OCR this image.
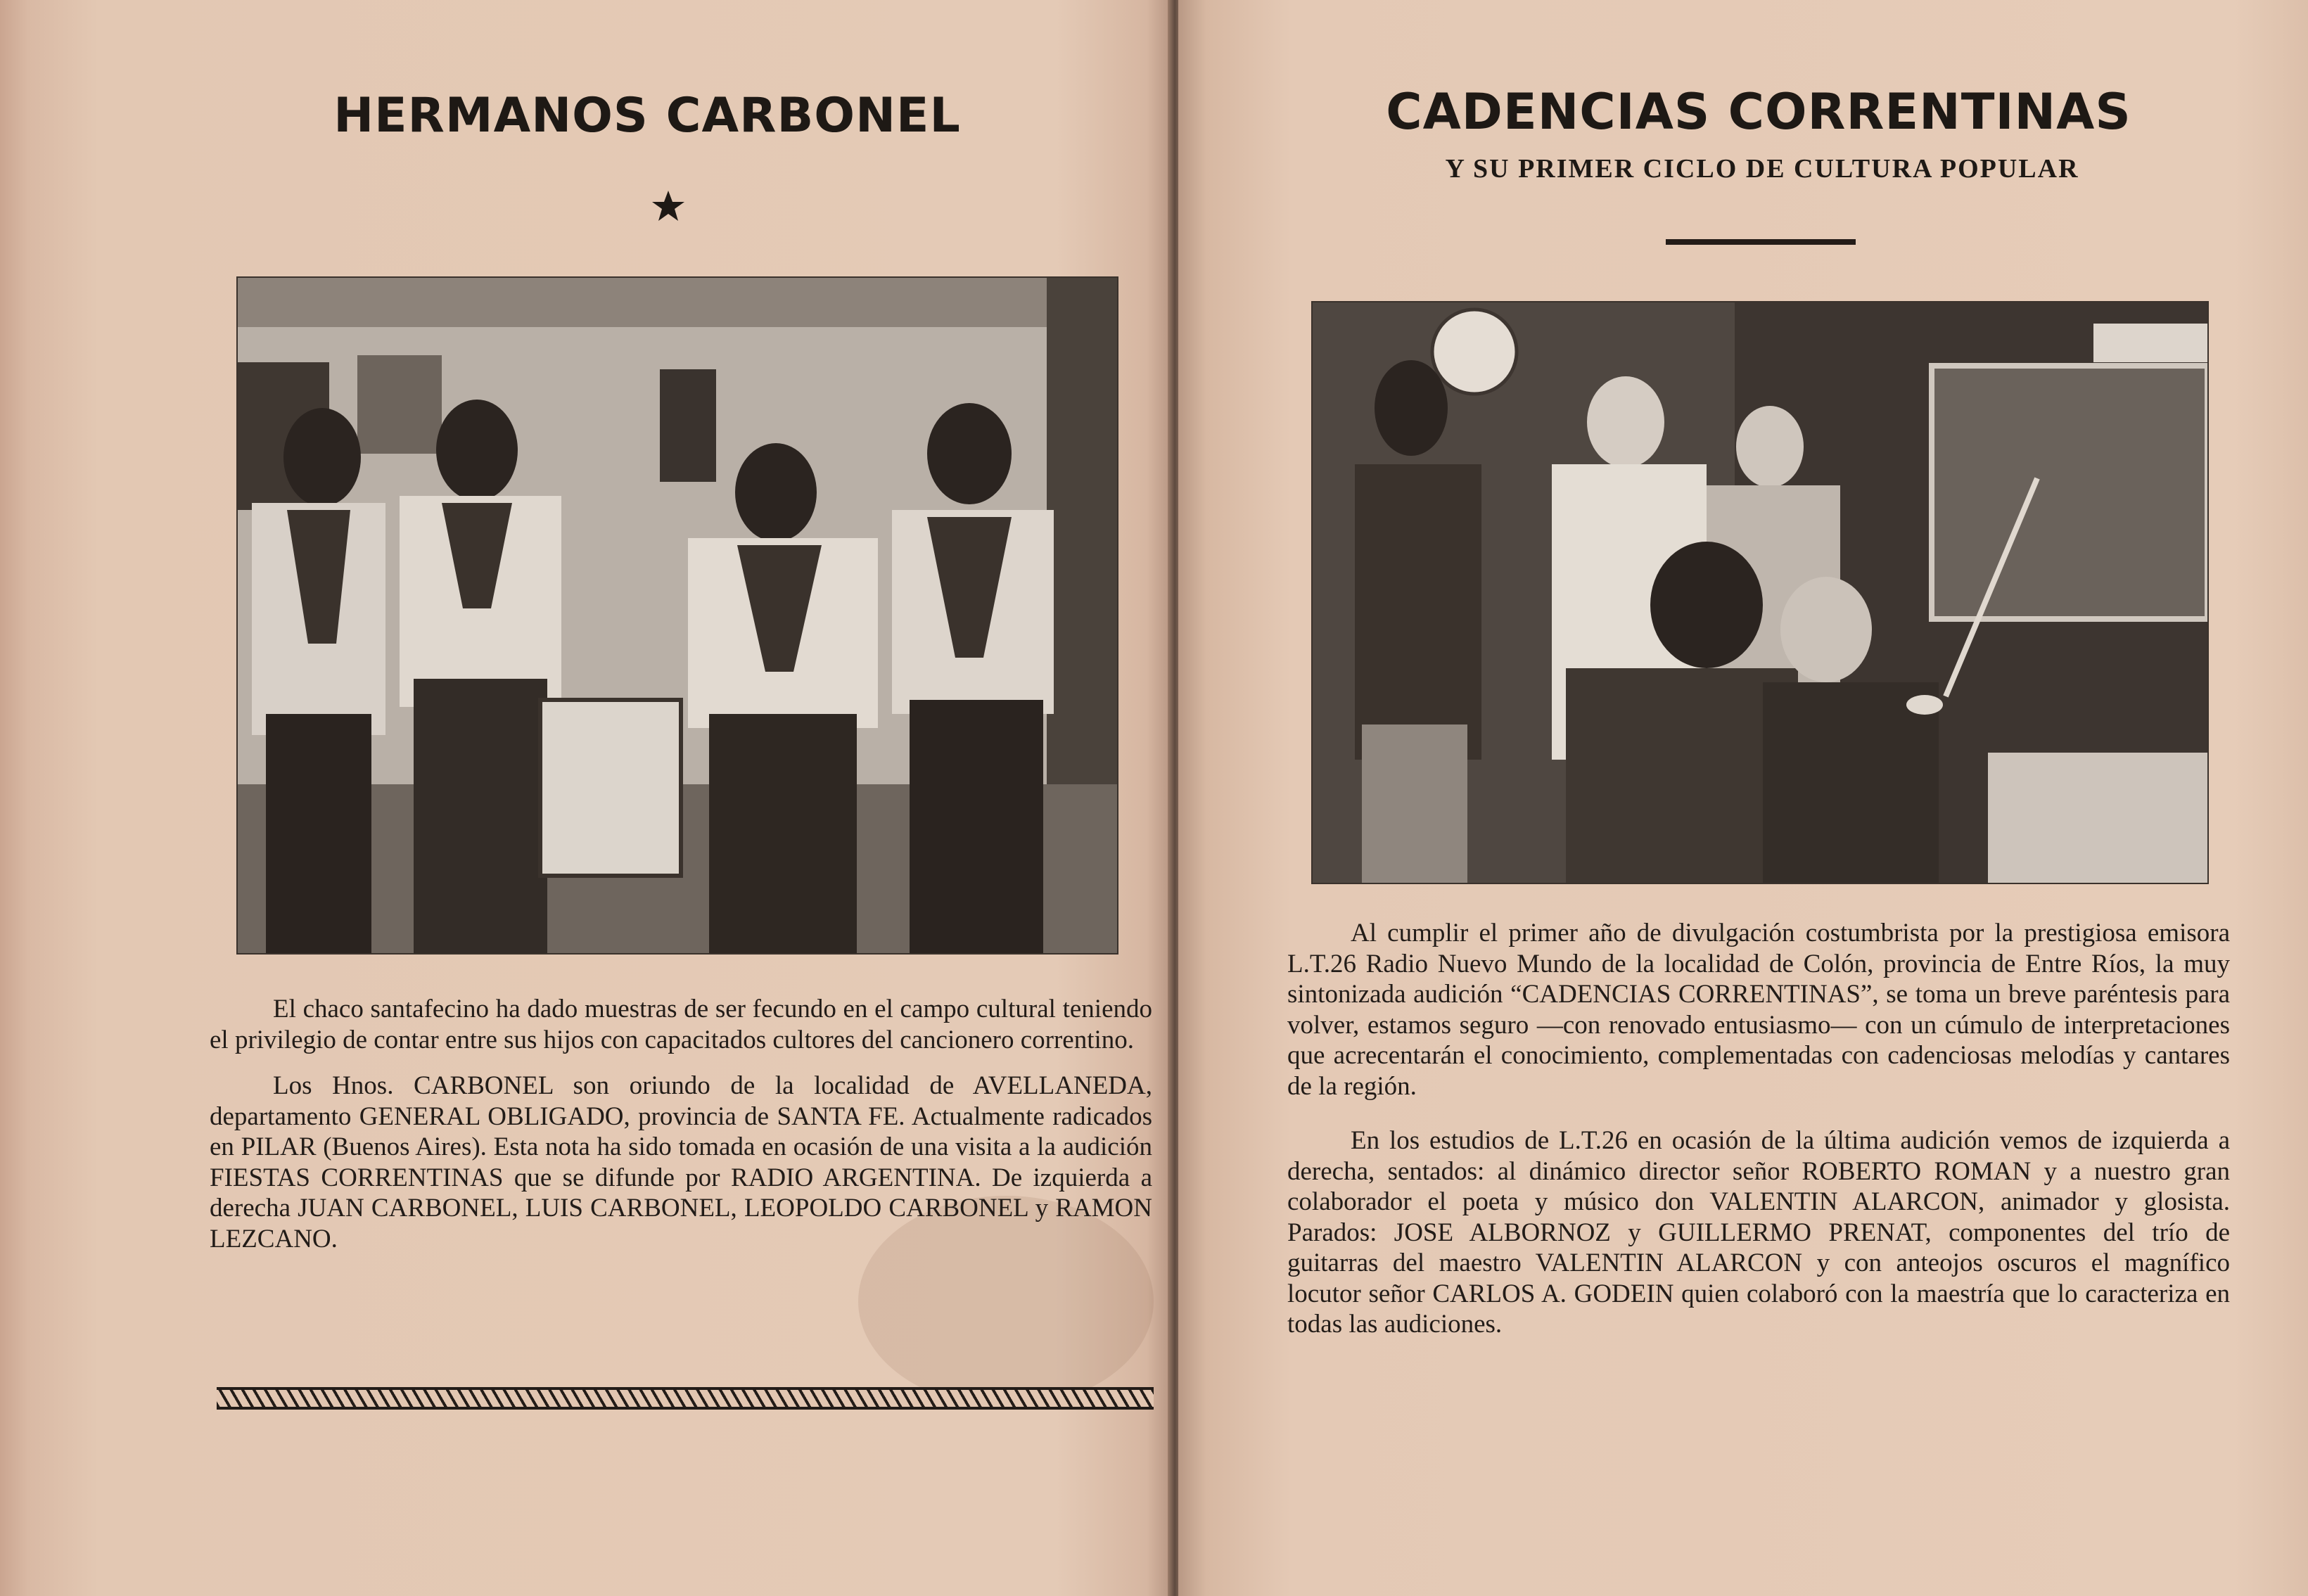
HERMANOS CARBONEL

El chaco santafecino ha dado muestras de ser fecundo en el campo cultural teniendo el privilegio de contar entre sus hijos con capacitados cultores del cancionero correntino.

Los Hnos. CARBONEL son oriundo de la localidad de AVELLANEDA, departamento GENERAL OBLIGADO, provincia de SANTA FE. Actualmente radicados en PILAR (Buenos Aires). Esta nota ha sido tomada en ocasión de una visita a la audición FIESTAS CORRENTINAS que se difunde por RADIO ARGENTINA. De izquierda a derecha JUAN CARBONEL, LUIS CARBONEL, LEOPOLDO CARBONEL y RAMON LEZCANO.

CADENCIAS CORRENTINAS
Y SU PRIMER CICLO DE CULTURA POPULAR

Al cumplir el primer año de divulgación costumbrista por la prestigiosa emisora L.T.26 Radio Nuevo Mundo de la localidad de Colón, provincia de Entre Ríos, la muy sintonizada audición “CADENCIAS CORRENTINAS”, se toma un breve paréntesis para volver, estamos seguro —con renovado entusiasmo— con un cúmulo de interpretaciones que acrecentarán el conocimiento, complementadas con cadenciosas melodías y cantares de la región.

En los estudios de L.T.26 en ocasión de la última audición vemos de izquierda a derecha, sentados: al dinámico director señor ROBERTO ROMAN y a nuestro gran colaborador el poeta y músico don VALENTIN ALARCON, animador y glosista. Parados: JOSE ALBORNOZ y GUILLERMO PRENAT, componentes del trío de guitarras del maestro VALENTIN ALARCON y con anteojos oscuros el magnífico locutor señor CARLOS A. GODEIN quien colaboró con la maestría que lo caracteriza en todas las audiciones.
